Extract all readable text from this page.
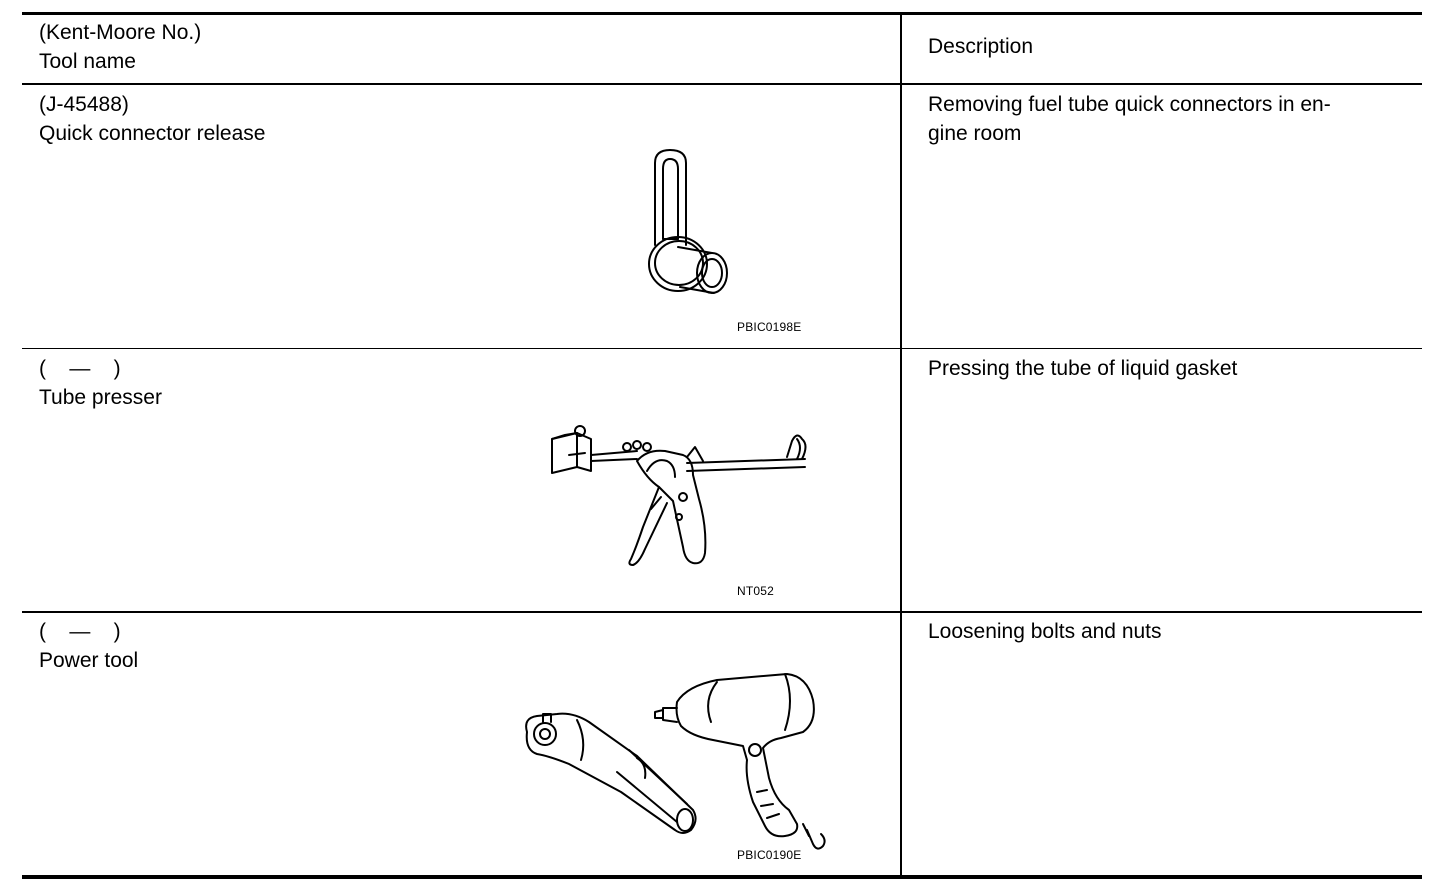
(Kent-Moore No.)
Tool name
Description
(J-45488)
Quick connector release
Removing fuel tube quick connectors in en-
gine room
PBIC0198E
(    —    )
Tube presser
Pressing the tube of liquid gasket
NT052
(    —    )
Power tool
Loosening bolts and nuts
PBIC0190E
